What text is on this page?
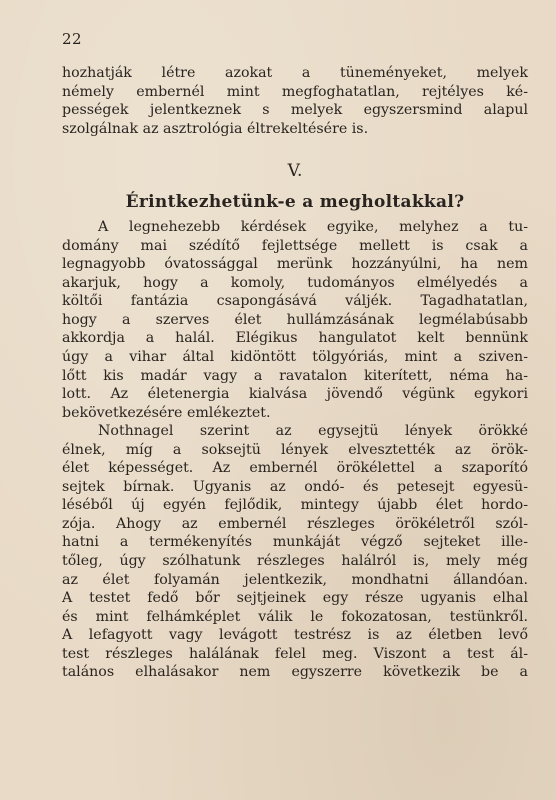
22
hozhatják létre azokat a tüneményeket, melyek
némely embernél mint megfoghatatlan, rejtélyes ké-
pességek jelentkeznek s melyek egyszersmind alapul
szolgálnak az asztrológia éltrekeltésére is.
V.
Érintkezhetünk-e a megholtakkal?
A legnehezebb kérdések egyike, melyhez a tu-
domány mai szédítő fejlettsége mellett is csak a
legnagyobb óvatossággal merünk hozzányúlni, ha nem
akarjuk, hogy a komoly, tudományos elmélyedés a
költői fantázia csapongásává váljék. Tagadhatatlan,
hogy a szerves élet hullámzásának legmélabúsabb
akkordja a halál. Elégikus hangulatot kelt bennünk
úgy a vihar által kidöntött tölgyóriás, mint a sziven-
lőtt kis madár vagy a ravatalon kiterített, néma ha-
lott. Az életenergia kialvása jövendő végünk egykori
bekövetkezésére emlékeztet.
Nothnagel szerint az egysejtü lények örökké
élnek, míg a soksejtü lények elvesztették az örök-
élet képességet. Az embernél örökélettel a szaporító
sejtek bírnak. Ugyanis az ondó- és petesejt egyesü-
léséből új egyén fejlődik, mintegy újabb élet hordo-
zója. Ahogy az embernél részleges örökéletről szól-
hatni a termékenyítés munkáját végző sejteket ille-
tőleg, úgy szólhatunk részleges halálról is, mely még
az élet folyamán jelentkezik, mondhatni állandóan.
A testet fedő bőr sejtjeinek egy része ugyanis elhal
és mint felhámképlet válik le fokozatosan, testünkről.
A lefagyott vagy levágott testrész is az életben levő
test részleges halálának felel meg. Viszont a test ál-
talános elhalásakor nem egyszerre következik be a
